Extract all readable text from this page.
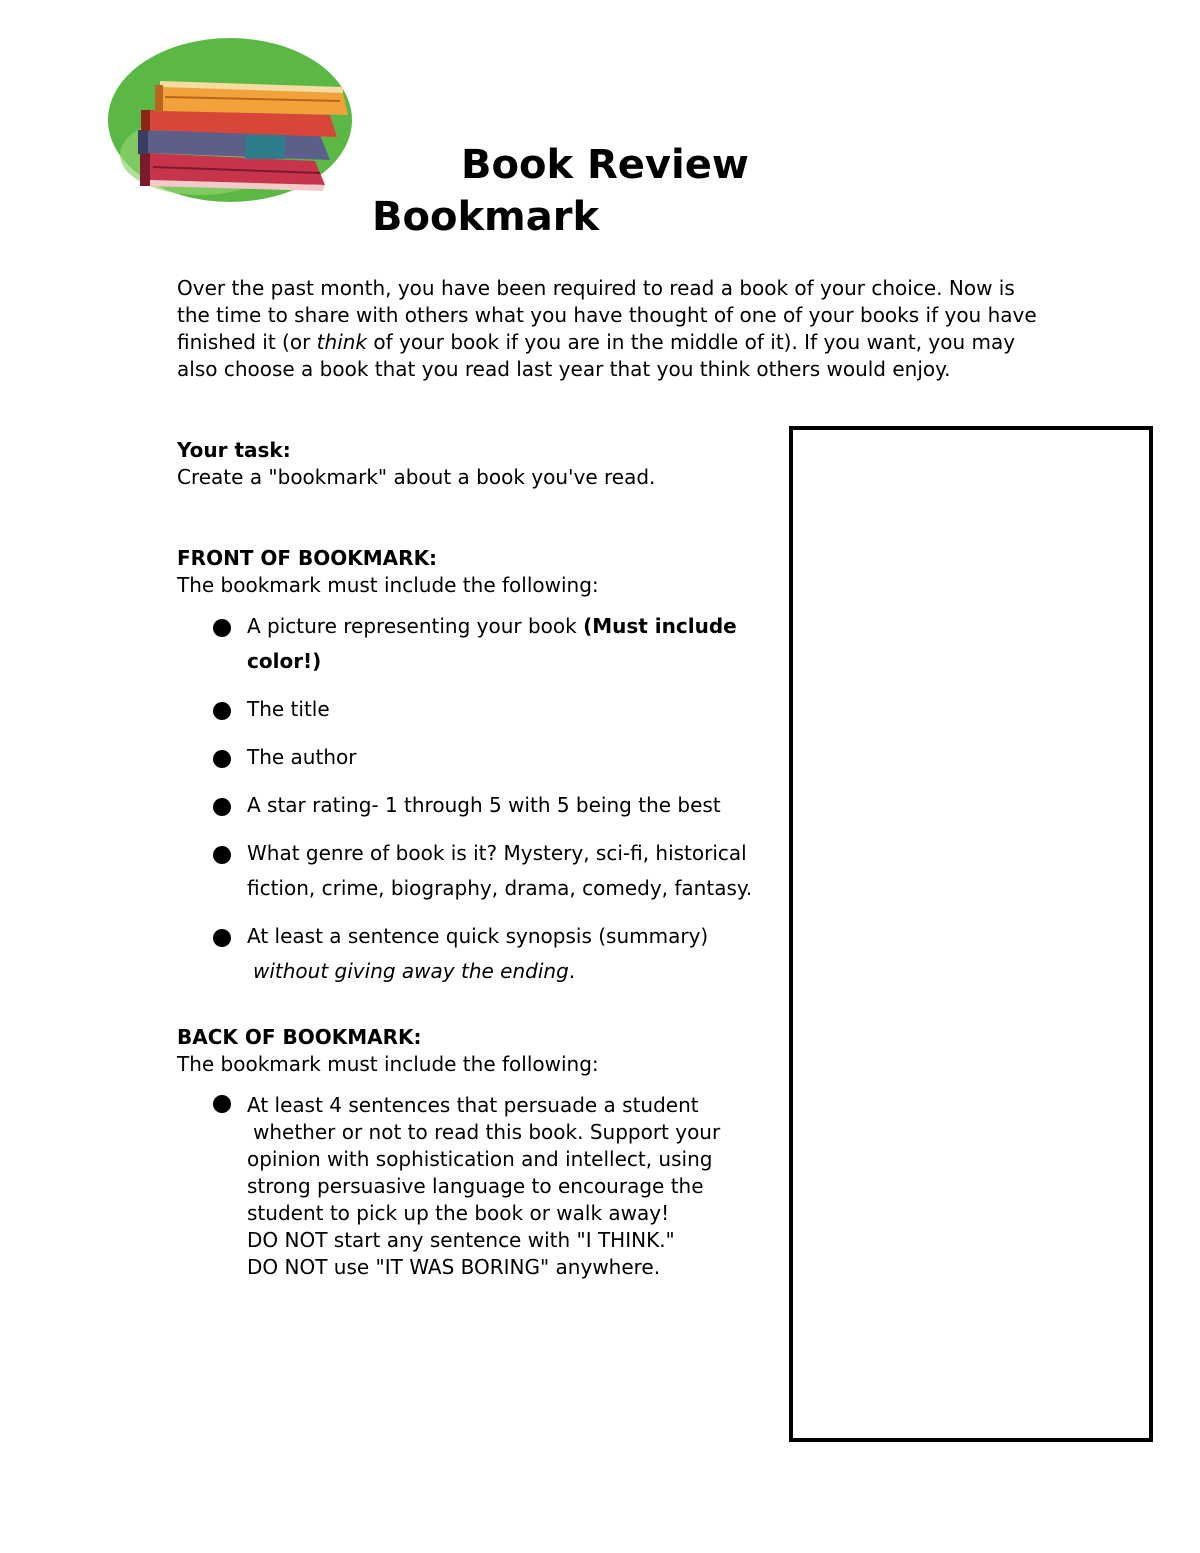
Book Review
Bookmark
Over the past month, you have been required to read a book of your choice. Now is the time to share with others what you have thought of one of your books if you have finished it (or think of your book if you are in the middle of it). If you want, you may also choose a book that you read last year that you think others would enjoy.
Your task:
Create a "bookmark" about a book you've read.
FRONT OF BOOKMARK:
The bookmark must include the following:
A picture representing your book (Must include
color!)
The title
The author
A star rating- 1 through 5 with 5 being the best
What genre of book is it? Mystery, sci-fi, historical
fiction, crime, biography, drama, comedy, fantasy.
At least a sentence quick synopsis (summary)
without giving away the ending.
BACK OF BOOKMARK:
The bookmark must include the following:
At least 4 sentences that persuade a student
whether or not to read this book. Support your
opinion with sophistication and intellect, using
strong persuasive language to encourage the
student to pick up the book or walk away!
DO NOT start any sentence with "I THINK."
DO NOT use "IT WAS BORING" anywhere.
